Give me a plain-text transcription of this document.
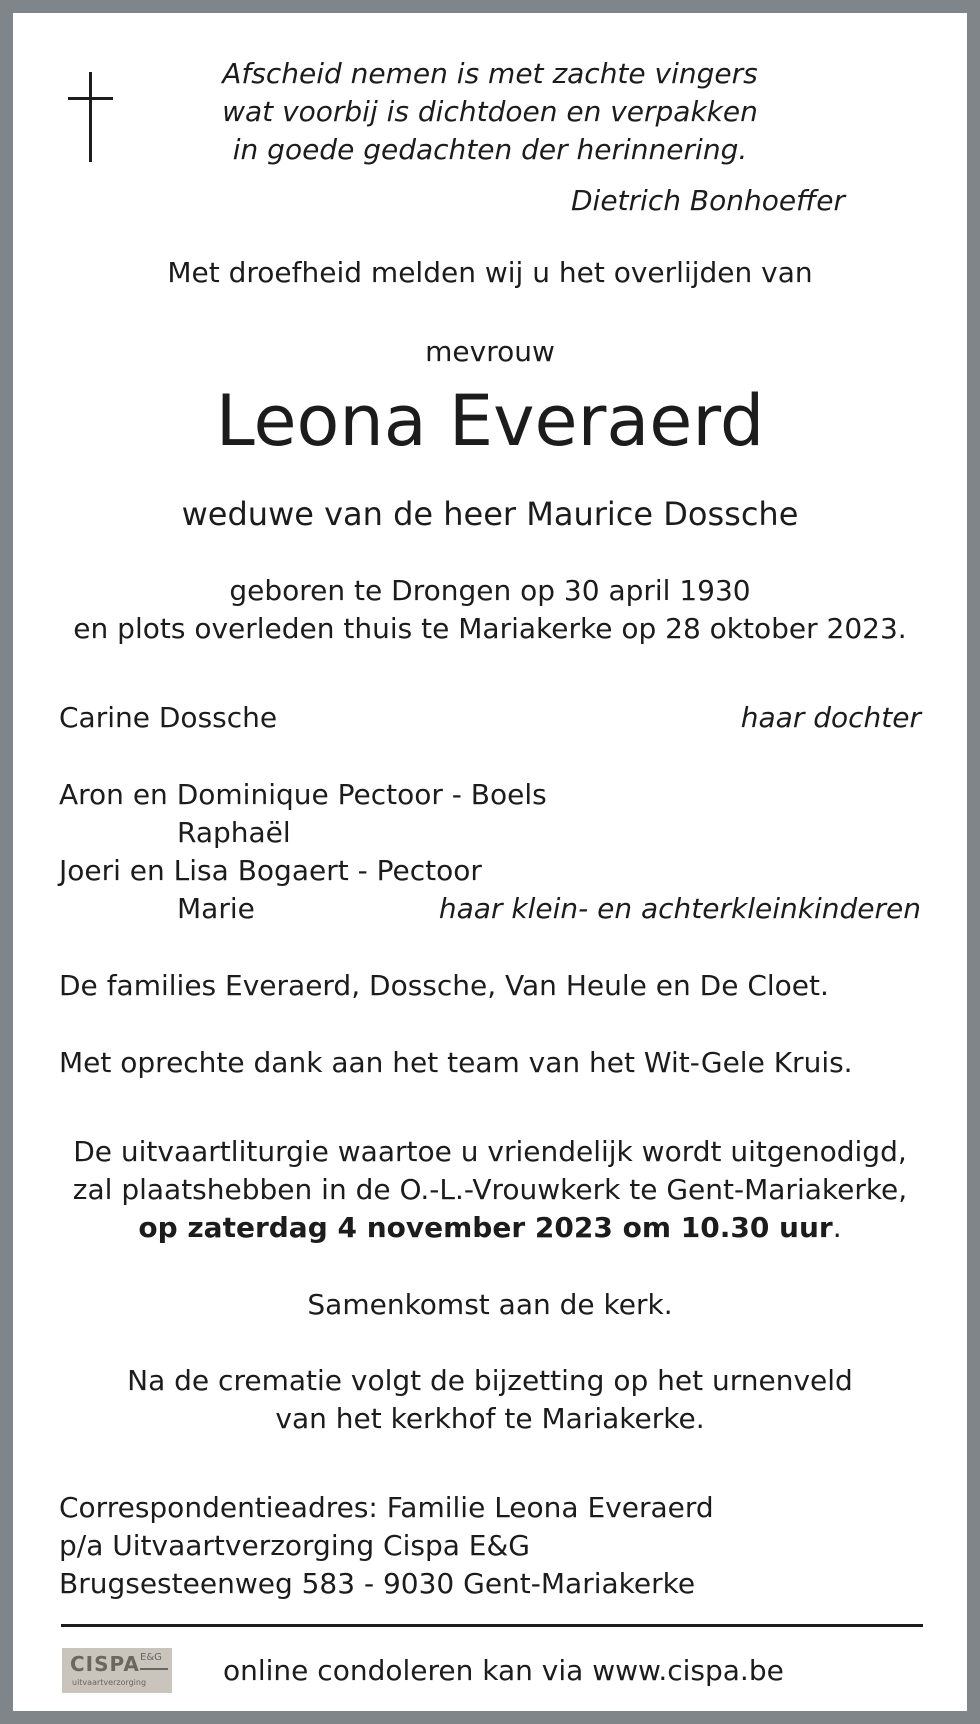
Afscheid nemen is met zachte vingers
wat voorbij is dichtdoen en verpakken
in goede gedachten der herinnering.
Dietrich Bonhoeffer
Met droefheid melden wij u het overlijden van
mevrouw
Leona Everaerd
weduwe van de heer Maurice Dossche
geboren te Drongen op 30 april 1930
en plots overleden thuis te Mariakerke op 28 oktober 2023.
Carine Dossche	haar dochter
Aron en Dominique Pectoor - Boels
Raphaël
Joeri en Lisa Bogaert - Pectoor
Marie	haar klein- en achterkleinkinderen
De families Everaerd, Dossche, Van Heule en De Cloet.
Met oprechte dank aan het team van het Wit-Gele Kruis.
De uitvaartliturgie waartoe u vriendelijk wordt uitgenodigd,
zal plaatshebben in de O.-L.-Vrouwkerk te Gent-Mariakerke,
op zaterdag 4 november 2023 om 10.30 uur.
Samenkomst aan de kerk.
Na de crematie volgt de bijzetting op het urnenveld
van het kerkhof te Mariakerke.
Correspondentieadres: Familie Leona Everaerd
p/a Uitvaartverzorging Cispa E&G
Brugsesteenweg 583 - 9030 Gent-Mariakerke
CISPA E&G
uitvaartverzorging	online condoleren kan via www.cispa.be
